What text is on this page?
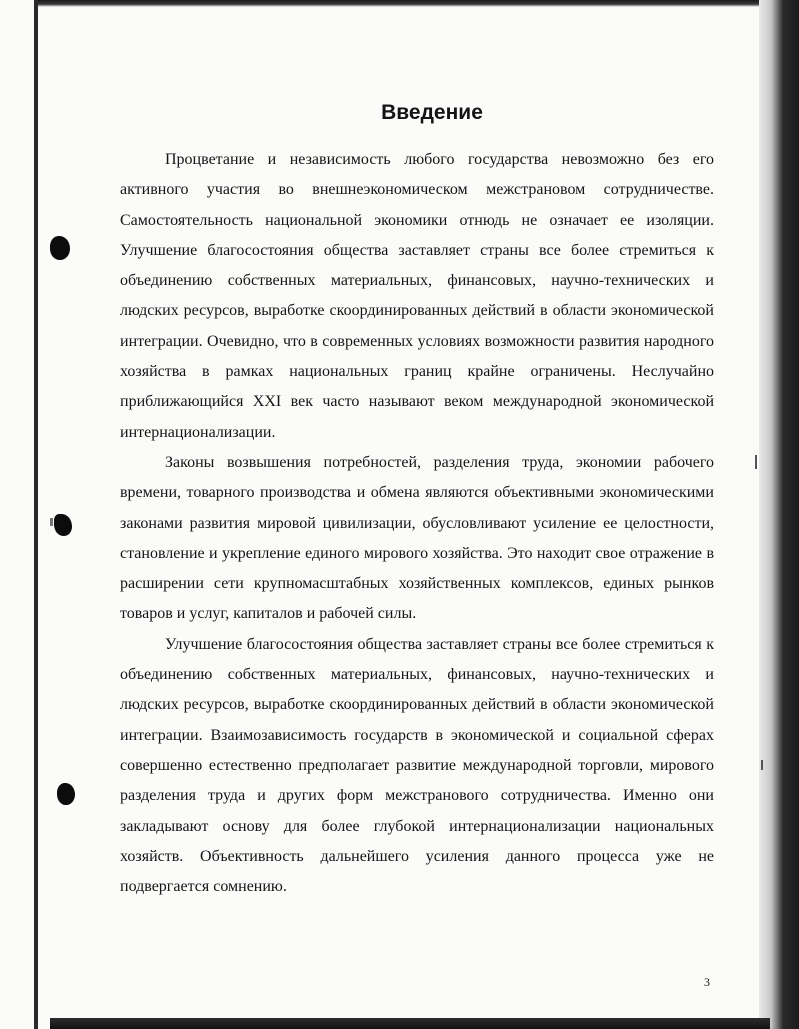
Введение

Процветание и независимость любого государства невозможно без его активного участия во внешнеэкономическом межстрановом сотрудничестве. Самостоятельность национальной экономики отнюдь не означает ее изоляции. Улучшение благосостояния общества заставляет страны все более стремиться к объединению собственных материальных, финансовых, научно-технических и людских ресурсов, выработке скоординированных действий в области экономической интеграции. Очевидно, что в современных условиях возможности развития народного хозяйства в рамках национальных границ крайне ограничены. Неслучайно приближающийся XXI век часто называют веком международной экономической интернационализации.

Законы возвышения потребностей, разделения труда, экономии рабочего времени, товарного производства и обмена являются объективными экономическими законами развития мировой цивилизации, обусловливают усиление ее целостности, становление и укрепление единого мирового хозяйства. Это находит свое отражение в расширении сети крупномасштабных хозяйственных комплексов, единых рынков товаров и услуг, капиталов и рабочей силы.

Улучшение благосостояния общества заставляет страны все более стремиться к объединению собственных материальных, финансовых, научно-технических и людских ресурсов, выработке скоординированных действий в области экономической интеграции. Взаимозависимость государств в экономической и социальной сферах совершенно естественно предполагает развитие международной торговли, мирового разделения труда и других форм межстранового сотрудничества. Именно они закладывают основу для более глубокой интернационализации национальных хозяйств. Объективность дальнейшего усиления данного процесса уже не подвергается сомнению.

3
